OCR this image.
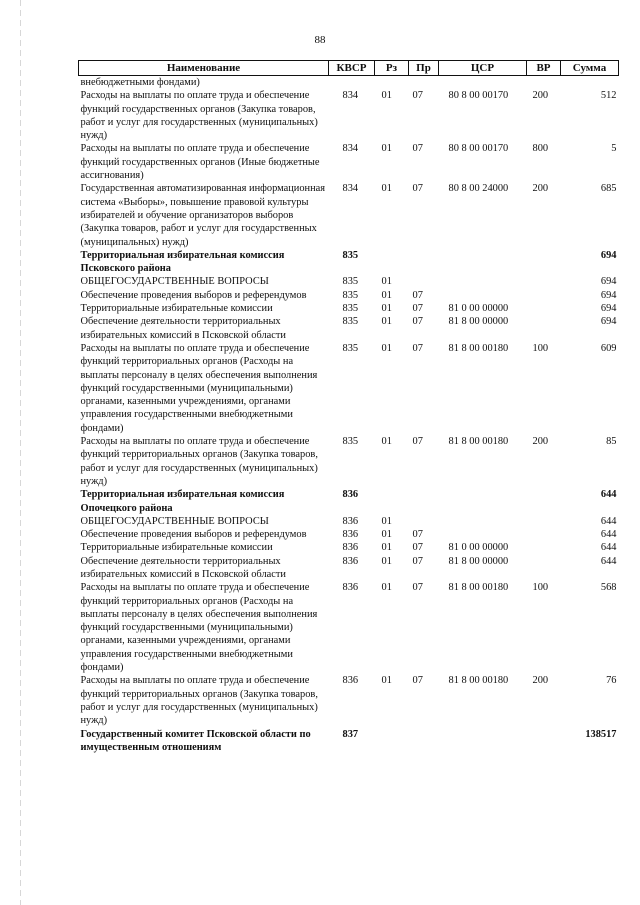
88
Наименование	КВСР	Рз	Пр	ЦСР	ВР	Сумма
внебюджетными фондами)						
Расходы на выплаты по оплате труда и обеспечение функций государственных органов (Закупка товаров, работ и услуг для государственных (муниципальных) нужд)	834	01	07	80 8 00 00170	200	512
Расходы на выплаты по оплате труда и обеспечение функций государственных органов (Иные бюджетные ассигнования)	834	01	07	80 8 00 00170	800	5
Государственная автоматизированная информационная система «Выборы», повышение правовой культуры избирателей и обучение организаторов выборов (Закупка товаров, работ и услуг для государственных (муниципальных) нужд)	834	01	07	80 8 00 24000	200	685
Территориальная избирательная комиссия Псковского района	835					694
ОБЩЕГОСУДАРСТВЕННЫЕ ВОПРОСЫ	835	01				694
Обеспечение проведения выборов и референдумов	835	01	07			694
Территориальные избирательные комиссии	835	01	07	81 0 00 00000		694
Обеспечение деятельности территориальных избирательных комиссий в Псковской области	835	01	07	81 8 00 00000		694
Расходы на выплаты по оплате труда и обеспечение функций территориальных органов (Расходы на выплаты персоналу в целях обеспечения выполнения функций государственными (муниципальными) органами, казенными учреждениями, органами управления государственными внебюджетными фондами)	835	01	07	81 8 00 00180	100	609
Расходы на выплаты по оплате труда и обеспечение функций территориальных органов (Закупка товаров, работ и услуг для государственных (муниципальных) нужд)	835	01	07	81 8 00 00180	200	85
Территориальная избирательная комиссия Опочецкого района	836					644
ОБЩЕГОСУДАРСТВЕННЫЕ ВОПРОСЫ	836	01				644
Обеспечение проведения выборов и референдумов	836	01	07			644
Территориальные избирательные комиссии	836	01	07	81 0 00 00000		644
Обеспечение деятельности территориальных избирательных комиссий в Псковской области	836	01	07	81 8 00 00000		644
Расходы на выплаты по оплате труда и обеспечение функций территориальных органов (Расходы на выплаты персоналу в целях обеспечения выполнения функций государственными (муниципальными) органами, казенными учреждениями, органами управления государственными внебюджетными фондами)	836	01	07	81 8 00 00180	100	568
Расходы на выплаты по оплате труда и обеспечение функций территориальных органов (Закупка товаров, работ и услуг для государственных (муниципальных) нужд)	836	01	07	81 8 00 00180	200	76
Государственный комитет Псковской области по имущественным отношениям	837					138517
